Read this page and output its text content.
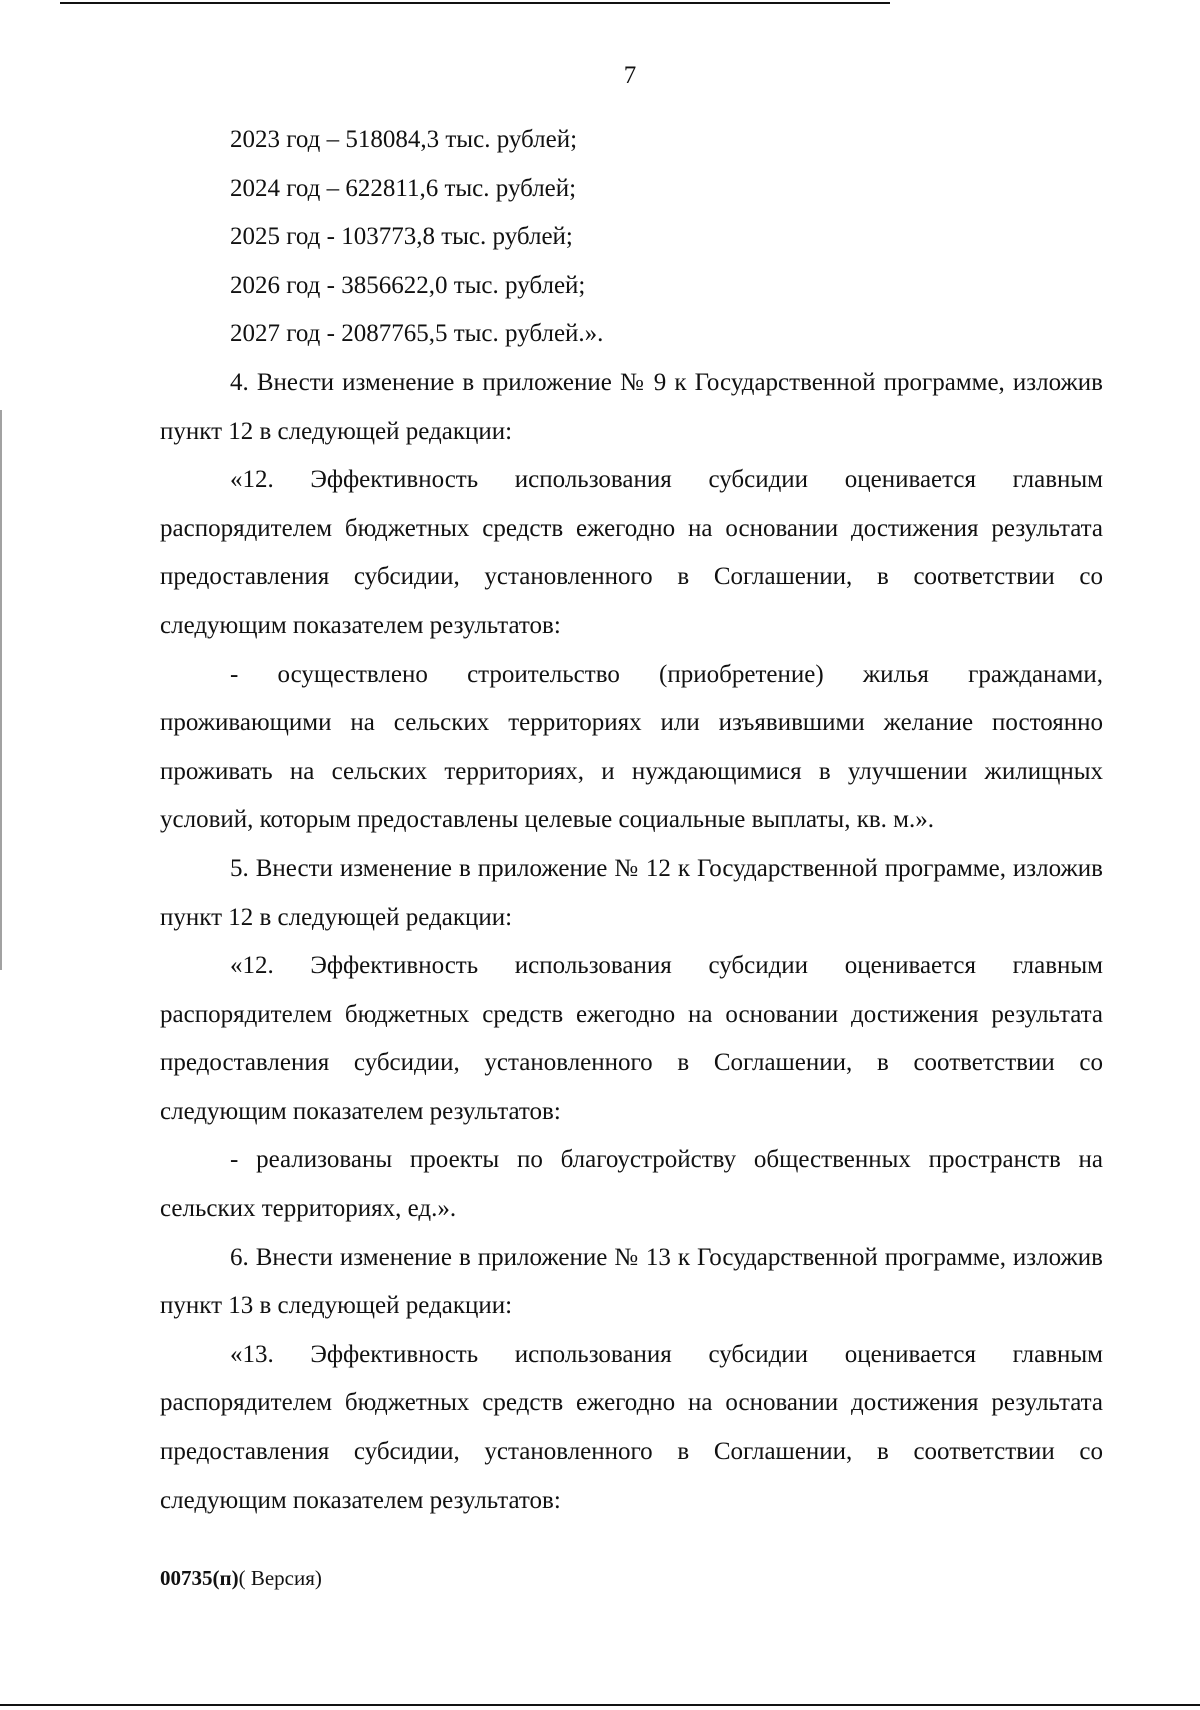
7
2023 год – 518084,3 тыс. рублей;
2024 год – 622811,6 тыс. рублей;
2025 год - 103773,8 тыс. рублей;
2026 год - 3856622,0 тыс. рублей;
2027 год - 2087765,5 тыс. рублей.».

4. Внести изменение в приложение № 9 к Государственной программе, изложив пункт 12 в следующей редакции:

«12. Эффективность использования субсидии оценивается главным распорядителем бюджетных средств ежегодно на основании достижения результата предоставления субсидии, установленного в Соглашении, в соответствии со следующим показателем результатов:

- осуществлено строительство (приобретение) жилья гражданами, проживающими на сельских территориях или изъявившими желание постоянно проживать на сельских территориях, и нуждающимися в улучшении жилищных условий, которым предоставлены целевые социальные выплаты, кв. м.».

5. Внести изменение в приложение № 12 к Государственной программе, изложив пункт 12 в следующей редакции:

«12. Эффективность использования субсидии оценивается главным распорядителем бюджетных средств ежегодно на основании достижения результата предоставления субсидии, установленного в Соглашении, в соответствии со следующим показателем результатов:

- реализованы проекты по благоустройству общественных пространств на сельских территориях, ед.».

6. Внести изменение в приложение № 13 к Государственной программе, изложив пункт 13 в следующей редакции:

«13. Эффективность использования субсидии оценивается главным распорядителем бюджетных средств ежегодно на основании достижения результата предоставления субсидии, установленного в Соглашении, в соответствии со следующим показателем результатов:

00735(п)( Версия)
